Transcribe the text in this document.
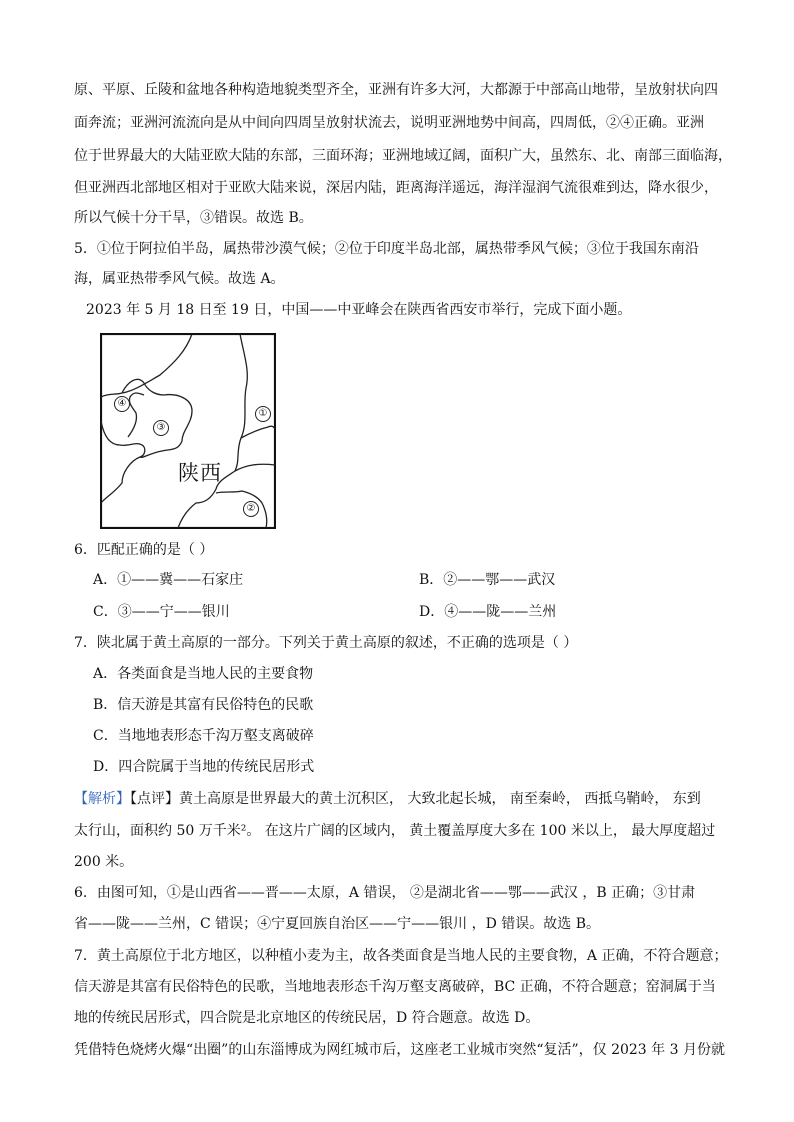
原、平原、丘陵和盆地各种构造地貌类型齐全，亚洲有许多大河，大都源于中部高山地带，呈放射状向四
面奔流；亚洲河流流向是从中间向四周呈放射状流去，说明亚洲地势中间高，四周低，②④正确。亚洲
位于世界最大的大陆亚欧大陆的东部，三面环海；亚洲地域辽阔，面积广大，虽然东、北、南部三面临海，
但亚洲西北部地区相对于亚欧大陆来说，深居内陆，距离海洋遥远，海洋湿润气流很难到达，降水很少，
所以气候十分干旱，③错误。故选 B。
5．①位于阿拉伯半岛，属热带沙漠气候；②位于印度半岛北部，属热带季风气候；③位于我国东南沿
海，属亚热带季风气候。故选 A。
2023 年 5 月 18 日至 19 日，中国——中亚峰会在陕西省西安市举行，完成下面小题。
④
③
①
②
陕西
6．匹配正确的是（ ）
A．①——冀——石家庄	B．②——鄂——武汉
C．③——宁——银川	D．④——陇——兰州
7．陕北属于黄土高原的一部分。下列关于黄土高原的叙述，不正确的选项是（ ）
A．各类面食是当地人民的主要食物
B．信天游是其富有民俗特色的民歌
C．当地地表形态千沟万壑支离破碎
D．四合院属于当地的传统民居形式
【解析】【点评】黄土高原是世界最大的黄土沉积区， 大致北起长城， 南至秦岭， 西抵乌鞘岭， 东到
太行山，面积约 50 万千米²。 在这片广阔的区域内， 黄土覆盖厚度大多在 100 米以上， 最大厚度超过
200 米。
6．由图可知，①是山西省——晋——太原，A 错误， ②是湖北省——鄂——武汉 ，B 正确；③甘肃
省——陇——兰州，C 错误；④宁夏回族自治区——宁——银川 ，D 错误。故选 B。
7．黄土高原位于北方地区，以种植小麦为主，故各类面食是当地人民的主要食物，A 正确，不符合题意；
信天游是其富有民俗特色的民歌，当地地表形态千沟万壑支离破碎，BC 正确，不符合题意；窑洞属于当
地的传统民居形式，四合院是北京地区的传统民居，D 符合题意。故选 D。
凭借特色烧烤火爆“出圈”的山东淄博成为网红城市后，这座老工业城市突然“复活”，仅 2023 年 3 月份就
